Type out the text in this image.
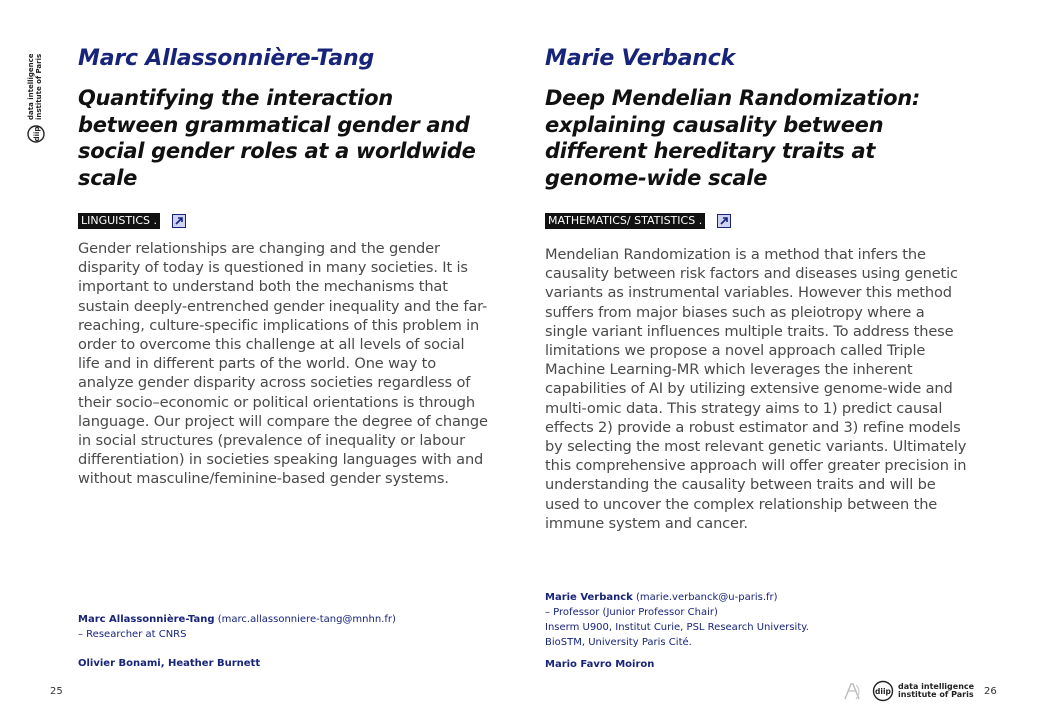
diip
data intelligence institute of Paris Marc Allassonnière-Tang
Quantifying the interaction between grammatical gender and social gender roles at a worldwide scale
LINGUISTICS .

Gender relationships are changing and the gender disparity of today is questioned in many societies. It is important to understand both the mechanisms that sustain deeply-entrenched gender inequality and the far-reaching, culture-specific implications of this problem in order to overcome this challenge at all levels of social life and in different parts of the world. One way to analyze gender disparity across societies regardless of their socio–economic or political orientations is through language. Our project will compare the degree of change in social structures (prevalence of inequality or labour differentiation) in societies speaking languages with and without masculine/feminine-based gender systems.

Marc Allassonnière-Tang (marc.allassonniere-tang@mnhn.fr)
– Researcher at CNRS
Olivier Bonami, Heather Burnett
Marie Verbanck
Deep Mendelian Randomization: explaining causality between different hereditary traits at genome-wide scale
MATHEMATICS/ STATISTICS .

Mendelian Randomization is a method that infers the causality between risk factors and diseases using genetic variants as instrumental variables. However this method suffers from major biases such as pleiotropy where a single variant influences multiple traits. To address these limitations we propose a novel approach called Triple Machine Learning-MR which leverages the inherent capabilities of AI by utilizing extensive genome-wide and multi-omic data. This strategy aims to 1) predict causal effects 2) provide a robust estimator and 3) refine models by selecting the most relevant genetic variants. Ultimately this comprehensive approach will offer greater precision in understanding the causality between traits and will be used to uncover the complex relationship between the immune system and cancer.

Marie Verbanck (marie.verbanck@u-paris.fr)
– Professor (Junior Professor Chair)
Inserm U900, Institut Curie, PSL Research University.
BioSTM, University Paris Cité.
Mario Favro Moiron
25	26
diip
data intelligence
institute of Paris
